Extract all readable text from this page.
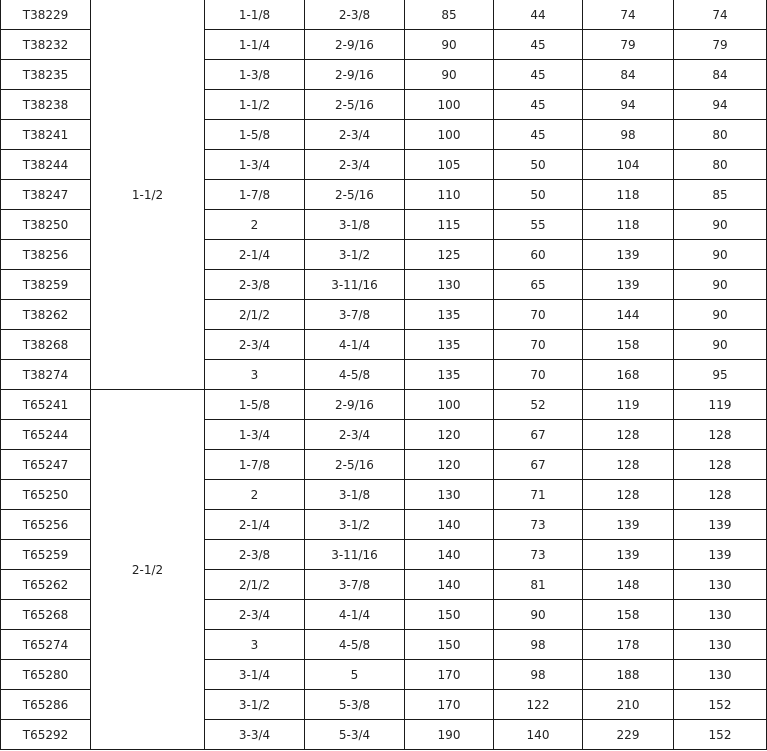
T38229	1-1/2	1-1/8	2-3/8	85	44	74	74
T38232		1-1/4	2-9/16	90	45	79	79
T38235		1-3/8	2-9/16	90	45	84	84
T38238		1-1/2	2-5/16	100	45	94	94
T38241		1-5/8	2-3/4	100	45	98	80
T38244		1-3/4	2-3/4	105	50	104	80
T38247		1-7/8	2-5/16	110	50	118	85
T38250		2	3-1/8	115	55	118	90
T38256		2-1/4	3-1/2	125	60	139	90
T38259		2-3/8	3-11/16	130	65	139	90
T38262		2/1/2	3-7/8	135	70	144	90
T38268		2-3/4	4-1/4	135	70	158	90
T38274		3	4-5/8	135	70	168	95
T65241	2-1/2	1-5/8	2-9/16	100	52	119	119
T65244		1-3/4	2-3/4	120	67	128	128
T65247		1-7/8	2-5/16	120	67	128	128
T65250		2	3-1/8	130	71	128	128
T65256		2-1/4	3-1/2	140	73	139	139
T65259		2-3/8	3-11/16	140	73	139	139
T65262		2/1/2	3-7/8	140	81	148	130
T65268		2-3/4	4-1/4	150	90	158	130
T65274		3	4-5/8	150	98	178	130
T65280		3-1/4	5	170	98	188	130
T65286		3-1/2	5-3/8	170	122	210	152
T65292		3-3/4	5-3/4	190	140	229	152
